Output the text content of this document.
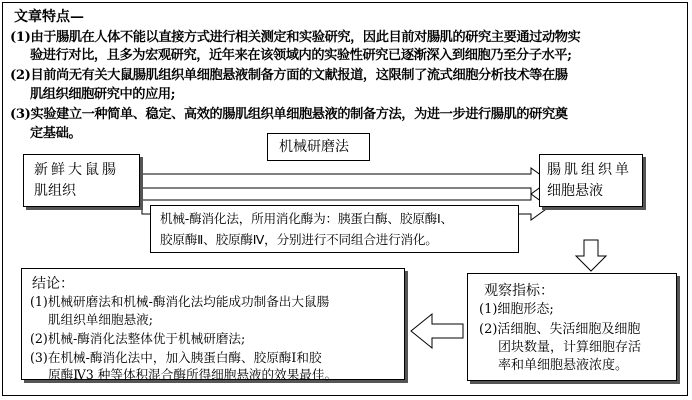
文章特点—
(1)由于腸肌在人体不能以直接方式进行相关测定和实验研究，因此目前对腸肌的研究主要通过动物实
验进行对比，且多为宏观研究，近年来在该领域内的实验性研究已逐渐深入到细胞乃至分子水平;
(2)目前尚无有关大鼠腸肌组织单细胞悬液制备方面的文献报道，这限制了流式细胞分析技术等在腸
肌组织细胞研究中的应用;
(3)实验建立一种简单、稳定、高效的腸肌组织单细胞悬液的制备方法，为进一步进行腸肌的研究奠
定基础。
机械研磨法
新鲜大鼠腸
肌组织
腸肌组织单
细胞悬液
机械-酶消化法，所用消化酶为：胰蛋白酶、胶原酶Ⅰ、
胶原酶Ⅱ、胶原酶Ⅳ，分别进行不同组合进行消化。
观察指标：
(1)细胞形态;
(2)活细胞、失活细胞及细胞
团块数量，计算细胞存活
率和单细胞悬液浓度。
结论：
(1)机械研磨法和机械-酶消化法均能成功制备出大鼠腸
肌组织单细胞悬液;
(2)机械-酶消化法整体优于机械研磨法;
(3)在机械-酶消化法中，加入胰蛋白酶、胶原酶Ⅰ和胶
原酶Ⅳ3 种等体积混合酶所得细胞悬液的效果最佳。
